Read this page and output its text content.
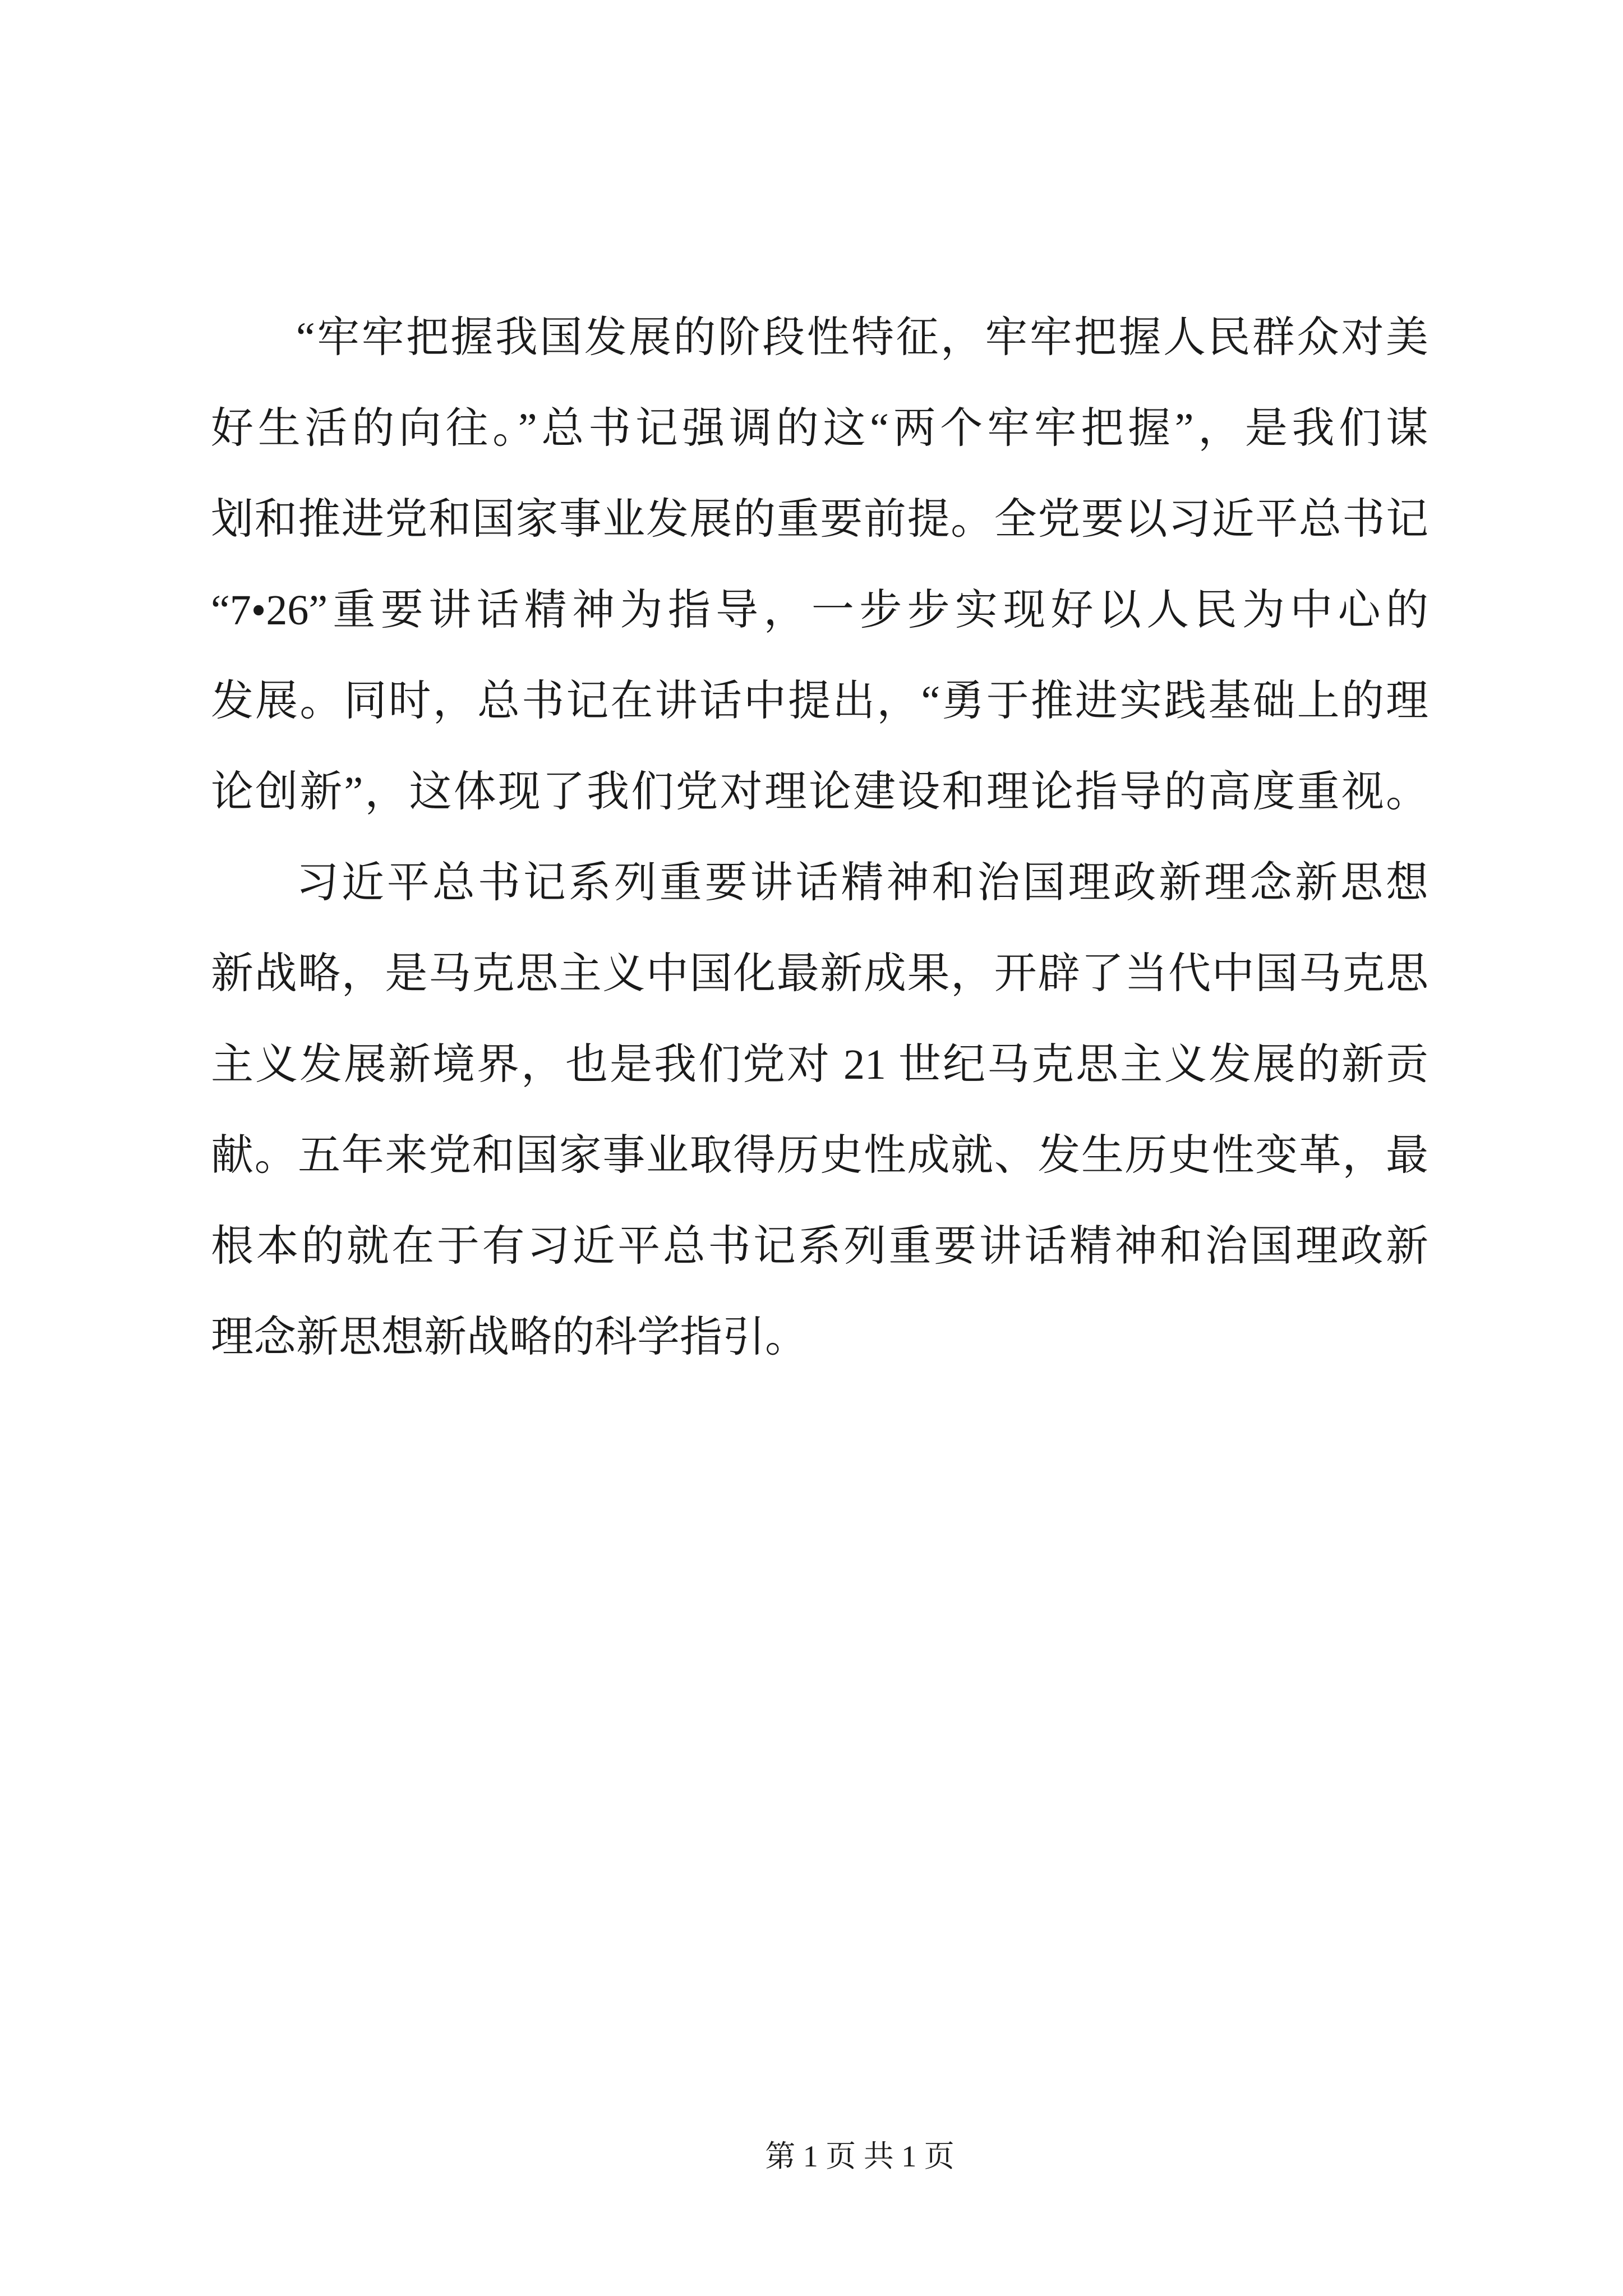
“牢牢把握我国发展的阶段性特征，牢牢把握人民群众对美
好生活的向往。”总书记强调的这“两个牢牢把握”，是我们谋
划和推进党和国家事业发展的重要前提。全党要以习近平总书记
“7•26”重要讲话精神为指导，一步步实现好以人民为中心的
发展。同时，总书记在讲话中提出，“勇于推进实践基础上的理
论创新”，这体现了我们党对理论建设和理论指导的高度重视。
习近平总书记系列重要讲话精神和治国理政新理念新思想
新战略，是马克思主义中国化最新成果，开辟了当代中国马克思
主义发展新境界，也是我们党对 21 世纪马克思主义发展的新贡
献。五年来党和国家事业取得历史性成就、发生历史性变革，最
根本的就在于有习近平总书记系列重要讲话精神和治国理政新
理念新思想新战略的科学指引。
第 1 页 共 1 页
